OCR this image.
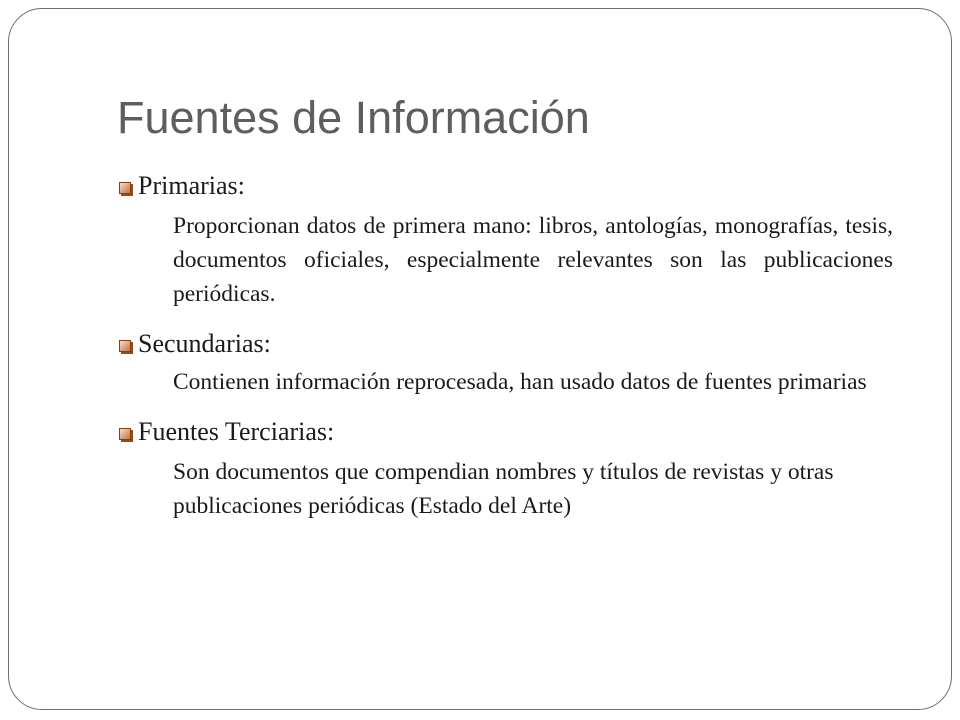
Fuentes de Información
Primarias:
Proporcionan datos de primera mano: libros, antologías, monografías, tesis, documentos oficiales, especialmente relevantes son las publicaciones periódicas.
Secundarias:
Contienen información reprocesada, han usado datos de fuentes primarias
Fuentes Terciarias:
Son documentos que compendian nombres y títulos de revistas y otras publicaciones periódicas (Estado del Arte)
